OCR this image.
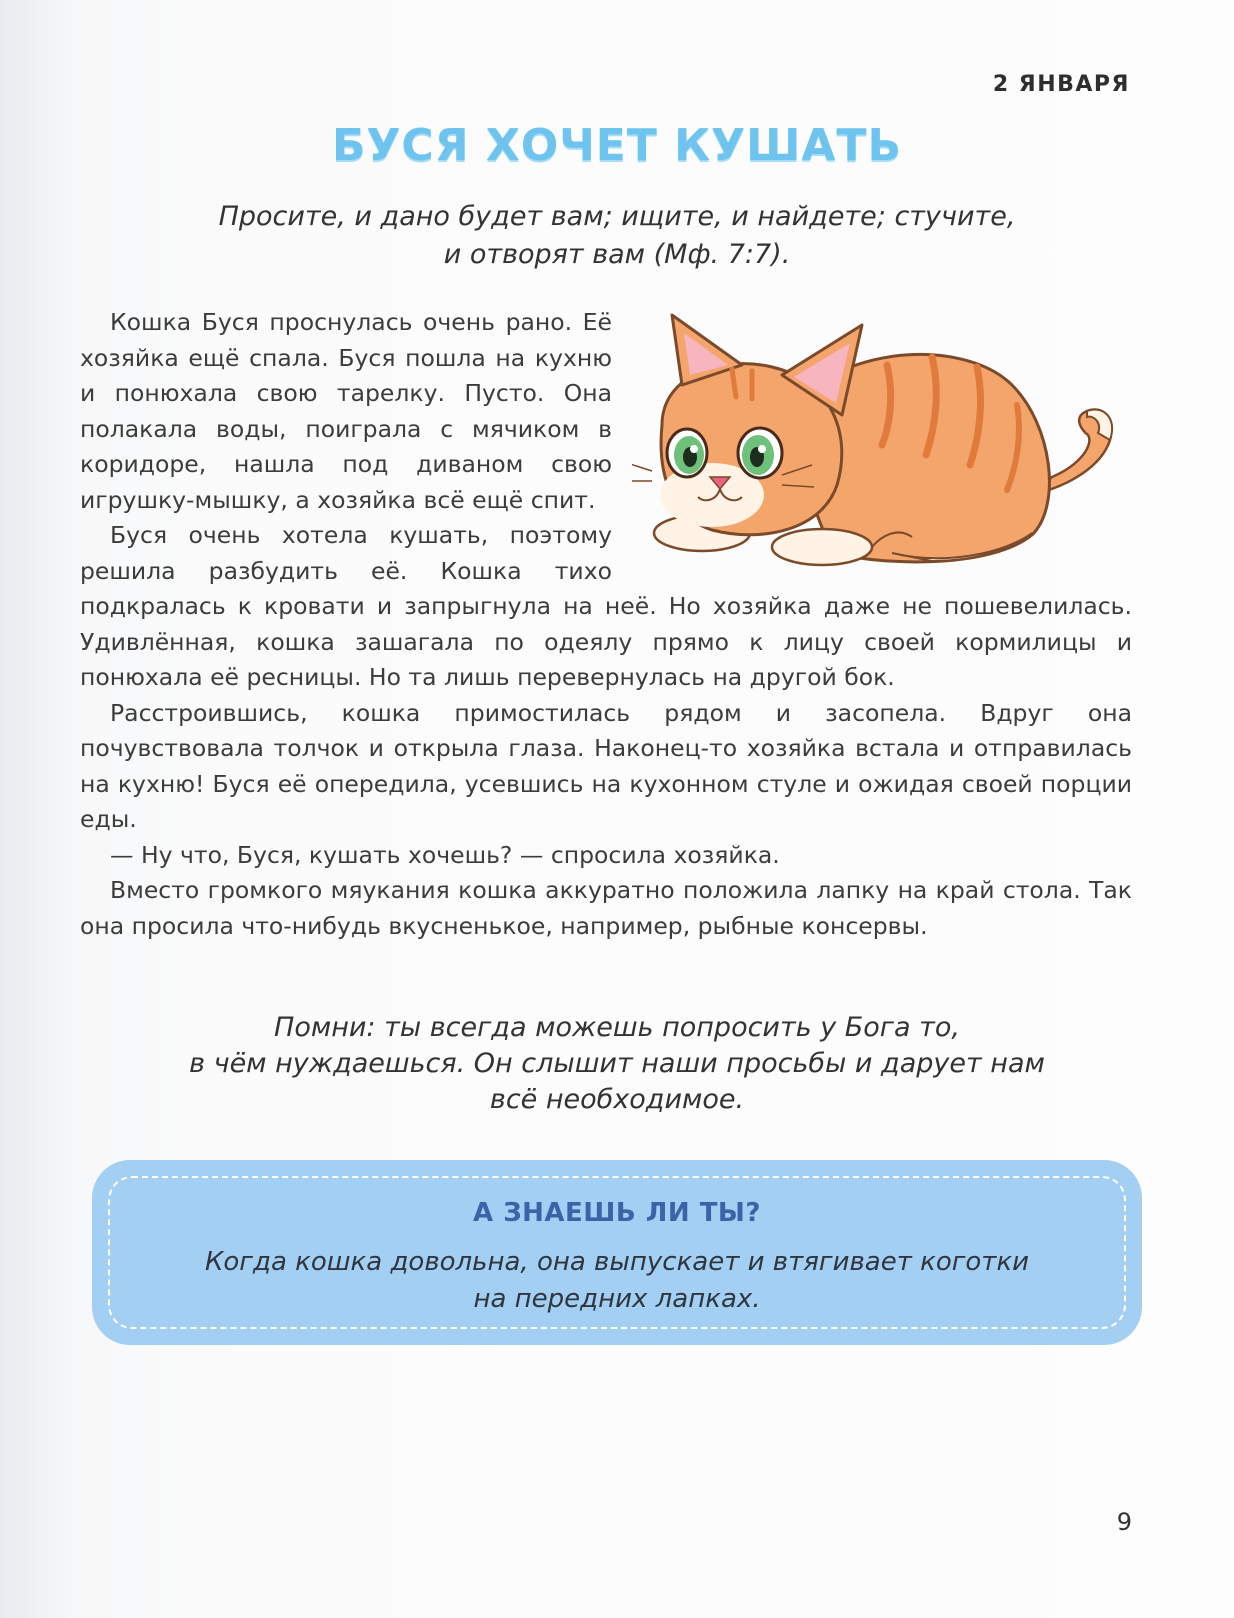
2 ЯНВАРЯ
БУСЯ ХОЧЕТ КУШАТЬ
Просите, и дано будет вам; ищите, и найдете; стучите,
и отворят вам (Мф. 7:7).

Кошка Буся проснулась очень рано. Её хозяйка ещё спала. Буся пошла на кухню и понюхала свою тарелку. Пусто. Она полакала воды, поиграла с мячиком в коридоре, нашла под диваном свою игрушку-мышку, а хозяйка всё ещё спит.

Буся очень хотела кушать, поэтому решила разбудить её. Кошка тихо подкралась к кровати и запрыгнула на неё. Но хозяйка даже не пошевелилась. Удивлённая, кошка зашагала по одеялу прямо к лицу своей кормилицы и понюхала её ресницы. Но та лишь перевернулась на другой бок.

Расстроившись, кошка примостилась рядом и засопела. Вдруг она почувствовала толчок и открыла глаза. Наконец-то хозяйка встала и отправилась на кухню! Буся её опередила, усевшись на кухонном стуле и ожидая своей порции еды.

— Ну что, Буся, кушать хочешь? — спросила хозяйка.

Вместо громкого мяукания кошка аккуратно положила лапку на край стола. Так она просила что-нибудь вкусненькое, например, рыбные консервы.

Помни: ты всегда можешь попросить у Бога то,
в чём нуждаешься. Он слышит наши просьбы и дарует нам
всё необходимое.
А ЗНАЕШЬ ЛИ ТЫ?
Когда кошка довольна, она выпускает и втягивает коготки
на передних лапках.
9
